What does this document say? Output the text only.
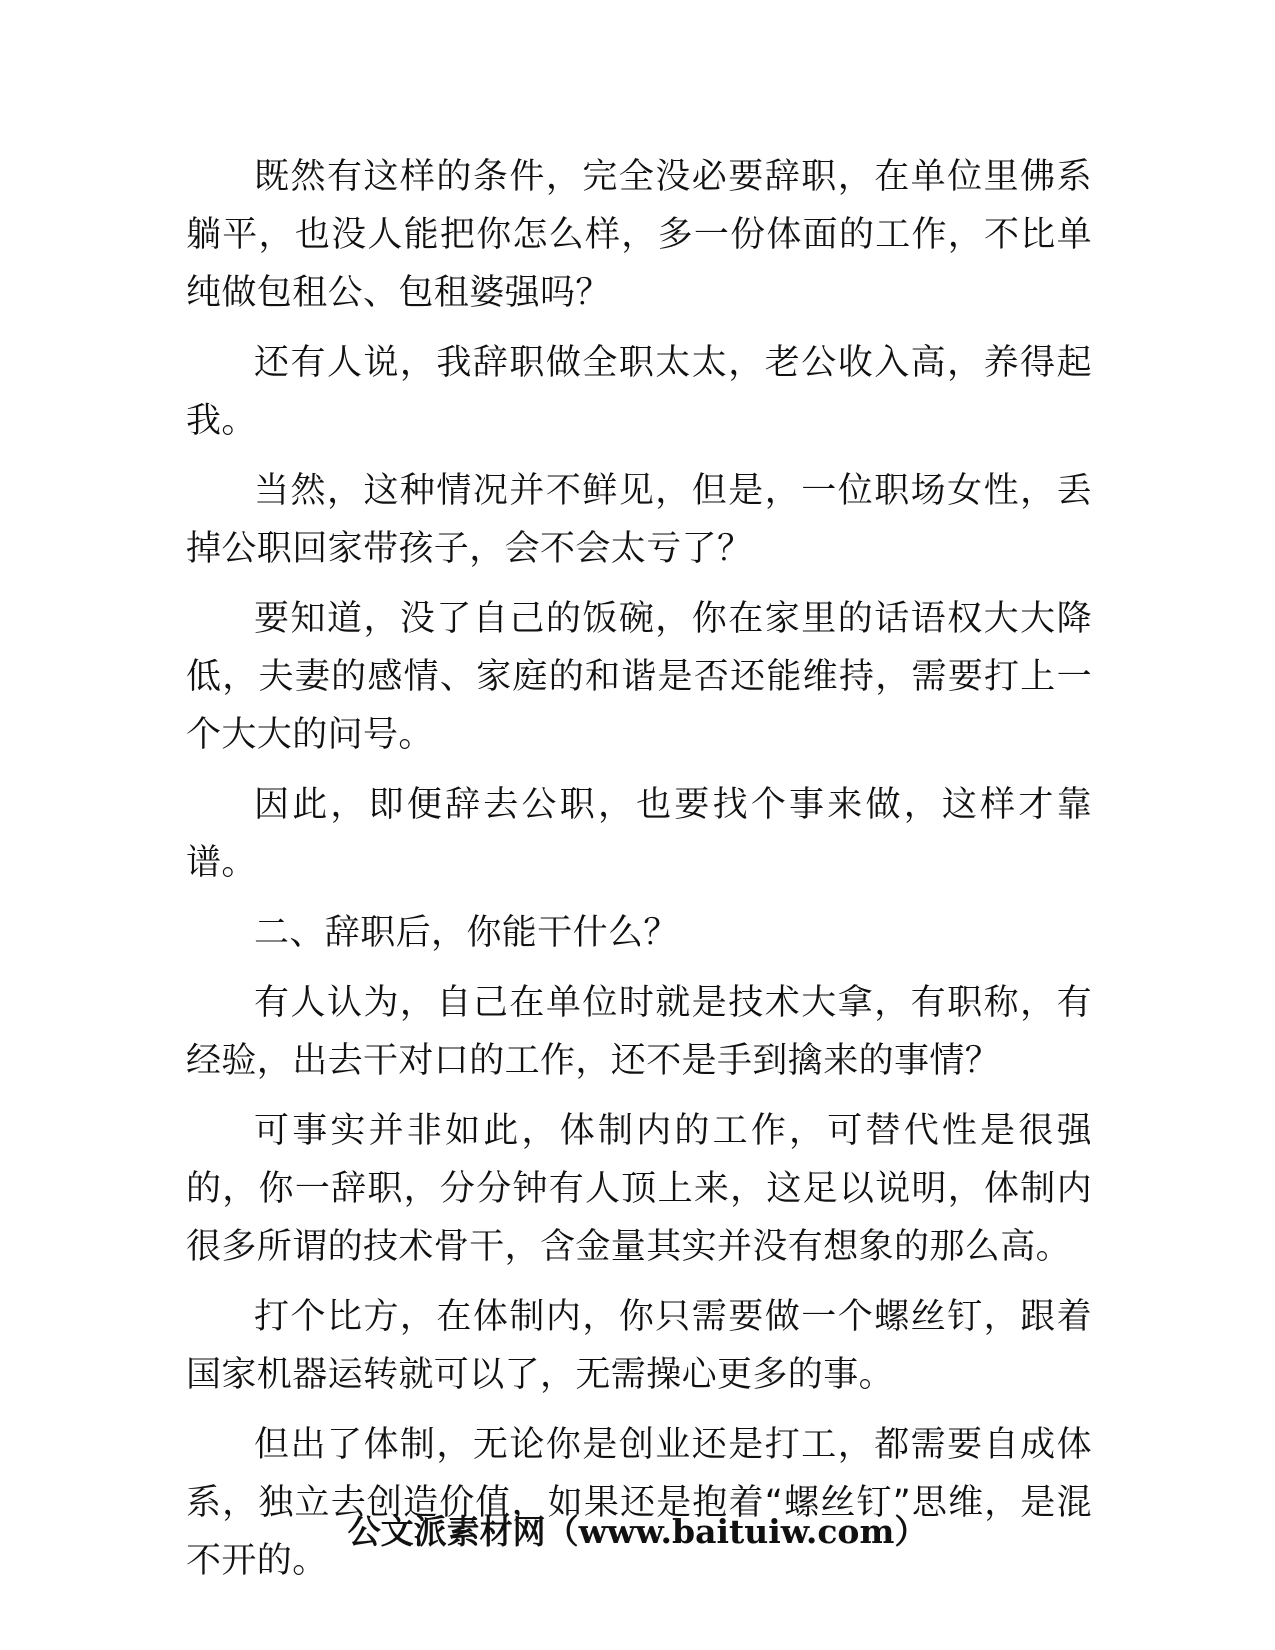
既然有这样的条件，完全没必要辞职，在单位里佛系躺平，也没人能把你怎么样，多一份体面的工作，不比单纯做包租公、包租婆强吗？

还有人说，我辞职做全职太太，老公收入高，养得起我。

当然，这种情况并不鲜见，但是，一位职场女性，丢掉公职回家带孩子，会不会太亏了？

要知道，没了自己的饭碗，你在家里的话语权大大降低，夫妻的感情、家庭的和谐是否还能维持，需要打上一个大大的问号。

因此，即便辞去公职，也要找个事来做，这样才靠谱。

二、辞职后，你能干什么？

有人认为，自己在单位时就是技术大拿，有职称，有经验，出去干对口的工作，还不是手到擒来的事情？

可事实并非如此，体制内的工作，可替代性是很强的，你一辞职，分分钟有人顶上来，这足以说明，体制内很多所谓的技术骨干，含金量其实并没有想象的那么高。

打个比方，在体制内，你只需要做一个螺丝钉，跟着国家机器运转就可以了，无需操心更多的事。

但出了体制，无论你是创业还是打工，都需要自成体系，独立去创造价值，如果还是抱着“螺丝钉”思维，是混不开的。

公文派素材网（www.baituiw.com）
